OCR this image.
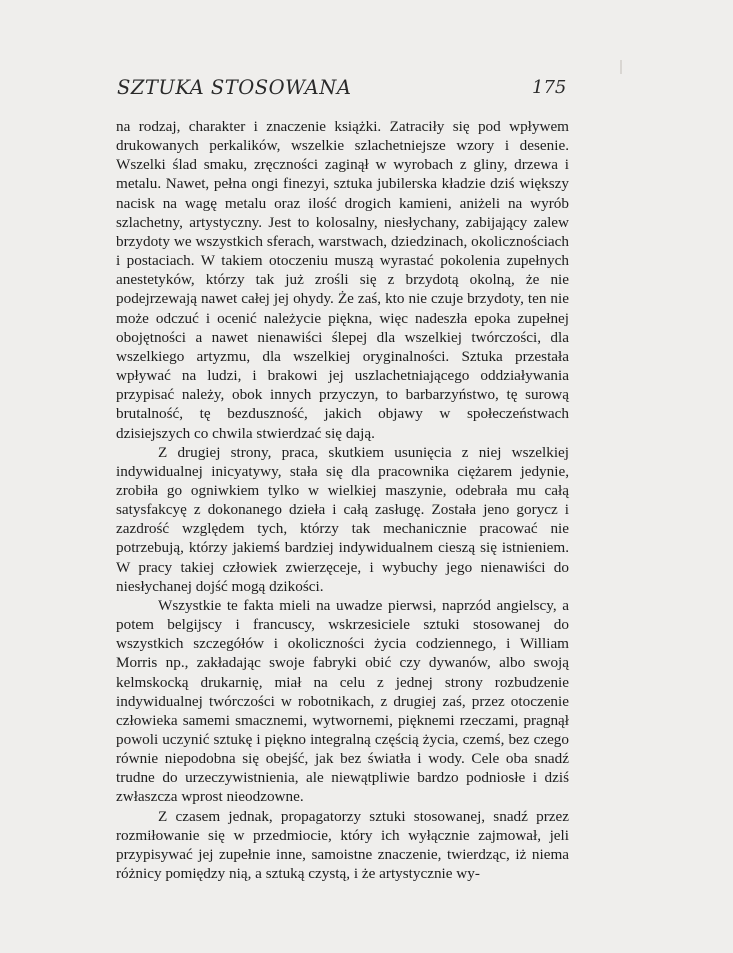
SZTUKA STOSOWANA	175

na rodzaj, charakter i znaczenie książki. Zatraciły się pod wpływem drukowanych perkalików, wszelkie szlachetniejsze wzory i desenie. Wszelki ślad smaku, zręczności zaginął w wyrobach z gliny, drzewa i metalu. Nawet, pełna ongi finezyi, sztuka jubilerska kładzie dziś większy nacisk na wagę metalu oraz ilość drogich kamieni, aniżeli na wyrób szlachetny, artystyczny. Jest to kolosalny, niesłychany, zabijający zalew brzydoty we wszystkich sferach, warstwach, dziedzinach, okolicznościach i postaciach. W takiem otoczeniu muszą wyrastać pokolenia zupełnych anestetyków, którzy tak już zrośli się z brzydotą okolną, że nie podejrzewają nawet całej jej ohydy. Że zaś, kto nie czuje brzydoty, ten nie może odczuć i ocenić należycie piękna, więc nadeszła epoka zupełnej obojętności a nawet nienawiści ślepej dla wszelkiej twórczości, dla wszelkiego artyzmu, dla wszelkiej oryginalności. Sztuka przestała wpływać na ludzi, i brakowi jej uszlachetniającego oddziaływania przypisać należy, obok innych przyczyn, to barbarzyństwo, tę surową brutalność, tę bezduszność, jakich objawy w społeczeństwach dzisiejszych co chwila stwierdzać się dają.

Z drugiej strony, praca, skutkiem usunięcia z niej wszelkiej indywidualnej inicyatywy, stała się dla pracownika ciężarem jedynie, zrobiła go ogniwkiem tylko w wielkiej maszynie, odebrała mu całą satysfakcyę z dokonanego dzieła i całą zasługę. Została jeno gorycz i zazdrość względem tych, którzy tak mechanicznie pracować nie potrzebują, którzy jakiemś bardziej indywidualnem cieszą się istnieniem. W pracy takiej człowiek zwierzęceje, i wybuchy jego nienawiści do niesłychanej dojść mogą dzikości.

Wszystkie te fakta mieli na uwadze pierwsi, naprzód angielscy, a potem belgijscy i francuscy, wskrzesiciele sztuki stosowanej do wszystkich szczegółów i okoliczności życia codziennego, i William Morris np., zakładając swoje fabryki obić czy dywanów, albo swoją kelmskocką drukarnię, miał na celu z jednej strony rozbudzenie indywidualnej twórczości w robotnikach, z drugiej zaś, przez otoczenie człowieka samemi smacznemi, wytwornemi, pięknemi rzeczami, pragnął powoli uczynić sztukę i piękno integralną częścią życia, czemś, bez czego równie niepodobna się obejść, jak bez światła i wody. Cele oba snadź trudne do urzeczywistnienia, ale niewątpliwie bardzo podniosłe i dziś zwłaszcza wprost nieodzowne.

Z czasem jednak, propagatorzy sztuki stosowanej, snadź przez rozmiłowanie się w przedmiocie, który ich wyłącznie zajmował, jeli przypisywać jej zupełnie inne, samoistne znaczenie, twierdząc, iż niema różnicy pomiędzy nią, a sztuką czystą, i że artystycznie wy-
